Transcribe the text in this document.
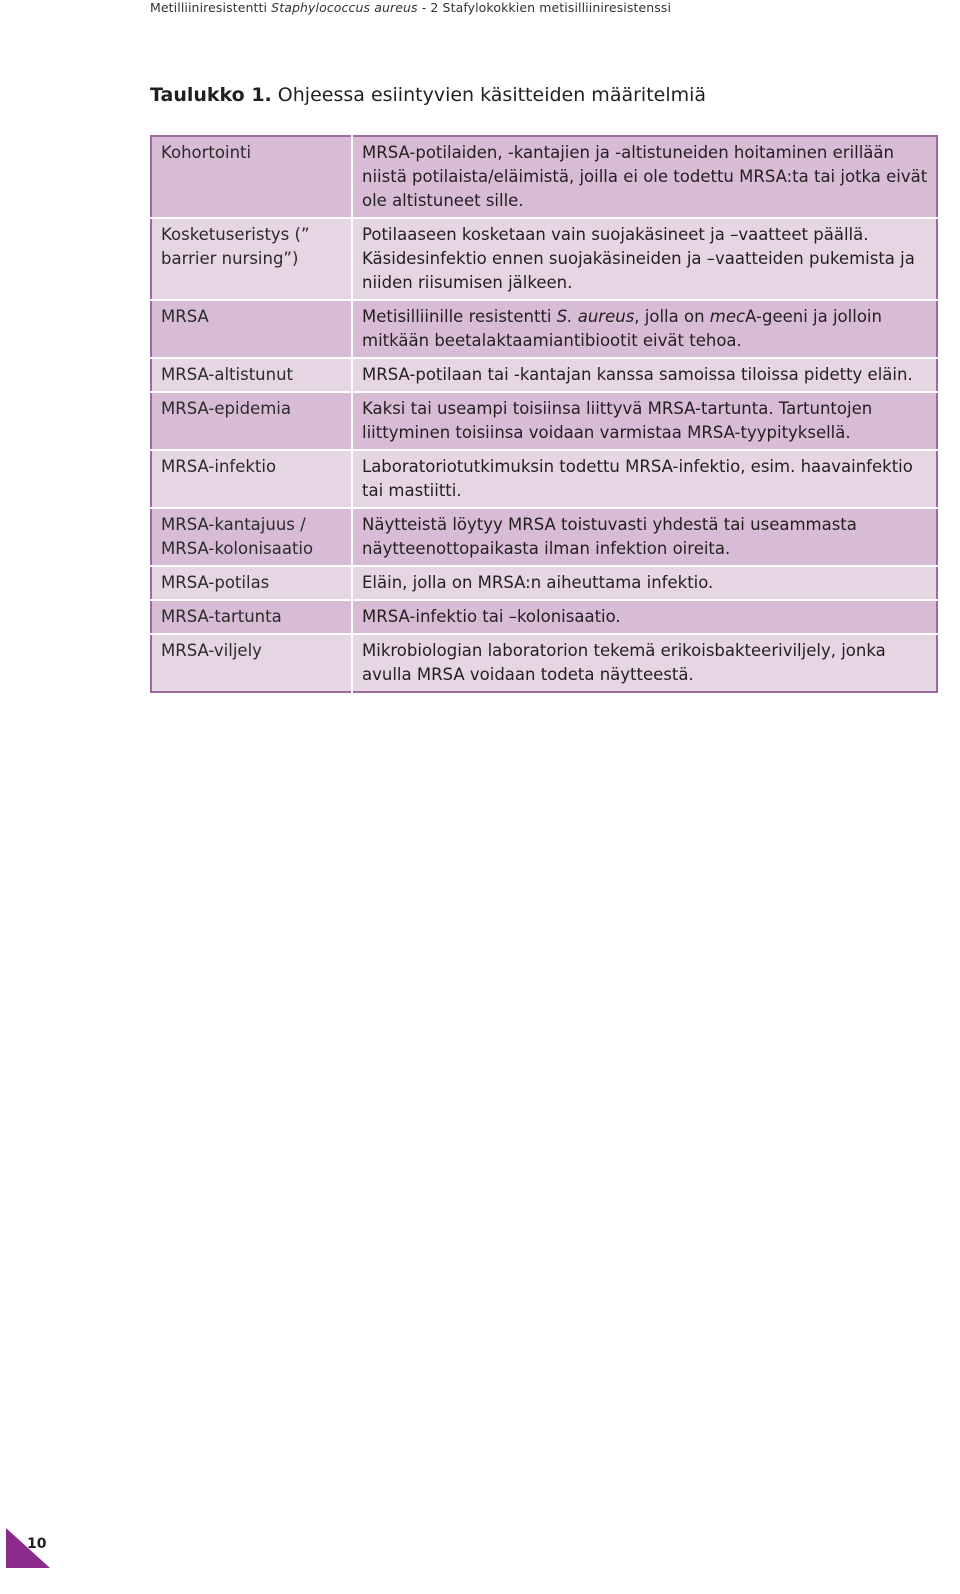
Metilliiniresistentti Staphylococcus aureus - 2 Stafylokokkien metisilliiniresistenssi
Taulukko 1. Ohjeessa esiintyvien käsitteiden määritelmiä
Kohortointi	MRSA-potilaiden, -kantajien ja -altistuneiden hoitaminen erillään niistä potilaista/eläimistä, joilla ei ole todettu MRSA:ta tai jotka eivät ole altistuneet sille.
Kosketuseristys (” barrier nursing”)	Potilaaseen kosketaan vain suojakäsineet ja –vaatteet päällä. Käsidesinfektio ennen suojakäsineiden ja –vaatteiden pukemista ja niiden riisumisen jälkeen.
MRSA	Metisilliinille resistentti S. aureus, jolla on mecA-geeni ja jolloin mitkään beetalaktaamiantibiootit eivät tehoa.
MRSA-altistunut	MRSA-potilaan tai -kantajan kanssa samoissa tiloissa pidetty eläin.
MRSA-epidemia	Kaksi tai useampi toisiinsa liittyvä MRSA-tartunta. Tartuntojen liittyminen toisiinsa voidaan varmistaa MRSA-tyypityksellä.
MRSA-infektio	Laboratoriotutkimuksin todettu MRSA-infektio, esim. haavainfektio tai mastiitti.
MRSA-kantajuus / MRSA-kolonisaatio	Näytteistä löytyy MRSA toistuvasti yhdestä tai useammasta näytteenottopaikasta ilman infektion oireita.
MRSA-potilas	Eläin, jolla on MRSA:n aiheuttama infektio.
MRSA-tartunta	MRSA-infektio tai –kolonisaatio.
MRSA-viljely	Mikrobiologian laboratorion tekemä erikoisbakteeriviljely, jonka avulla MRSA voidaan todeta näytteestä.
10
